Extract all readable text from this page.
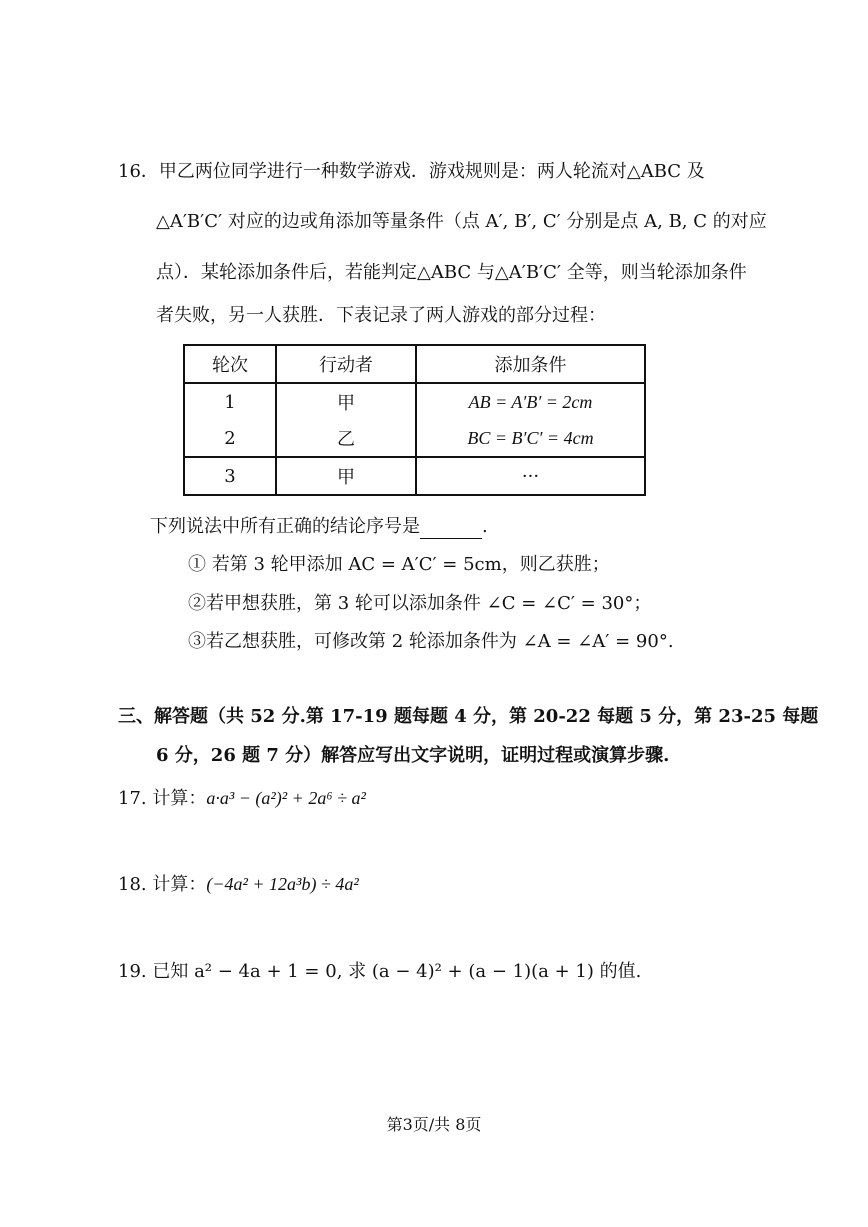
16．甲乙两位同学进行一种数学游戏．游戏规则是：两人轮流对△ABC 及
△A′B′C′ 对应的边或角添加等量条件（点 A′, B′, C′ 分别是点 A, B, C 的对应
点）．某轮添加条件后，若能判定△ABC 与△A′B′C′ 全等，则当轮添加条件
者失败，另一人获胜．下表记录了两人游戏的部分过程：
轮次	行动者	添加条件
1	甲	AB = A′B′ = 2cm
2	乙	BC = B′C′ = 4cm
3	甲	···
下列说法中所有正确的结论序号是	.
① 若第 3 轮甲添加 AC = A′C′ = 5cm，则乙获胜；
②若甲想获胜，第 3 轮可以添加条件 ∠C = ∠C′ = 30°；
③若乙想获胜，可修改第 2 轮添加条件为 ∠A = ∠A′ = 90°.
三、解答题（共 52 分.第 17-19 题每题 4 分，第 20-22 每题 5 分，第 23-25 每题
6 分，26 题 7 分）解答应写出文字说明，证明过程或演算步骤.
17. 计算：a·a³ − (a²)² + 2a⁶ ÷ a²
18. 计算：(−4a² + 12a³b) ÷ 4a²
19. 已知 a² − 4a + 1 = 0, 求 (a − 4)² + (a − 1)(a + 1) 的值.
第3页/共 8页
